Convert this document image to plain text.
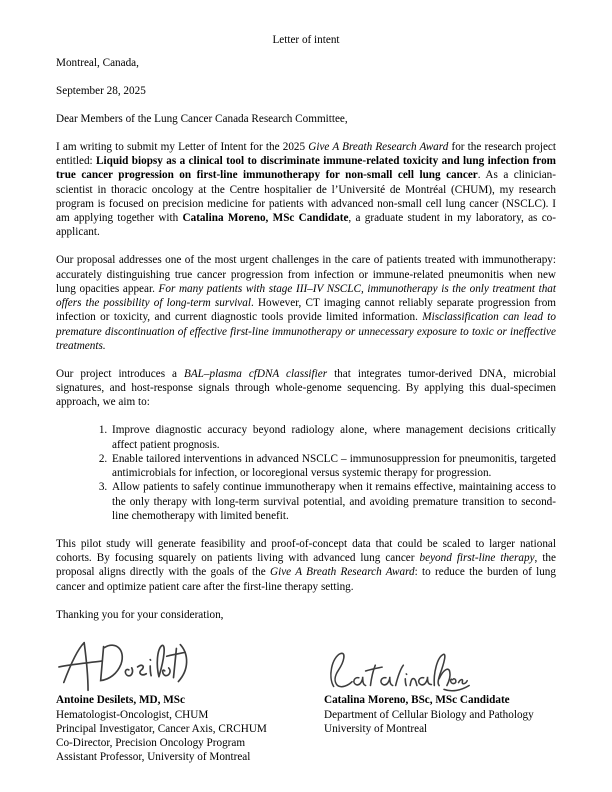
Letter of intent
Montreal, Canada,
September 28, 2025
Dear Members of the Lung Cancer Canada Research Committee,

I am writing to submit my Letter of Intent for the 2025 Give A Breath Research Award for the research project entitled: Liquid biopsy as a clinical tool to discriminate immune-related toxicity and lung infection from true cancer progression on first-line immunotherapy for non-small cell lung cancer. As a clinician-scientist in thoracic oncology at the Centre hospitalier de l’Université de Montréal (CHUM), my research program is focused on precision medicine for patients with advanced non-small cell lung cancer (NSCLC). I am applying together with Catalina Moreno, MSc Candidate, a graduate student in my laboratory, as co-applicant.

Our proposal addresses one of the most urgent challenges in the care of patients treated with immunotherapy: accurately distinguishing true cancer progression from infection or immune-related pneumonitis when new lung opacities appear. For many patients with stage III–IV NSCLC, immunotherapy is the only treatment that offers the possibility of long-term survival. However, CT imaging cannot reliably separate progression from infection or toxicity, and current diagnostic tools provide limited information. Misclassification can lead to premature discontinuation of effective first-line immunotherapy or unnecessary exposure to toxic or ineffective treatments.

Our project introduces a BAL–plasma cfDNA classifier that integrates tumor-derived DNA, microbial signatures, and host-response signals through whole-genome sequencing. By applying this dual-specimen approach, we aim to:

1. Improve diagnostic accuracy beyond radiology alone, where management decisions critically affect patient prognosis.
2. Enable tailored interventions in advanced NSCLC – immunosuppression for pneumonitis, targeted antimicrobials for infection, or locoregional versus systemic therapy for progression.
3. Allow patients to safely continue immunotherapy when it remains effective, maintaining access to the only therapy with long-term survival potential, and avoiding premature transition to second-line chemotherapy with limited benefit.

This pilot study will generate feasibility and proof-of-concept data that could be scaled to larger national cohorts. By focusing squarely on patients living with advanced lung cancer beyond first-line therapy, the proposal aligns directly with the goals of the Give A Breath Research Award: to reduce the burden of lung cancer and optimize patient care after the first-line therapy setting.

Thanking you for your consideration,
Antoine Desilets, MD, MSc
Hematologist-Oncologist, CHUM
Principal Investigator, Cancer Axis, CRCHUM
Co-Director, Precision Oncology Program
Assistant Professor, University of Montreal
Catalina Moreno, BSc, MSc Candidate
Department of Cellular Biology and Pathology
University of Montreal
